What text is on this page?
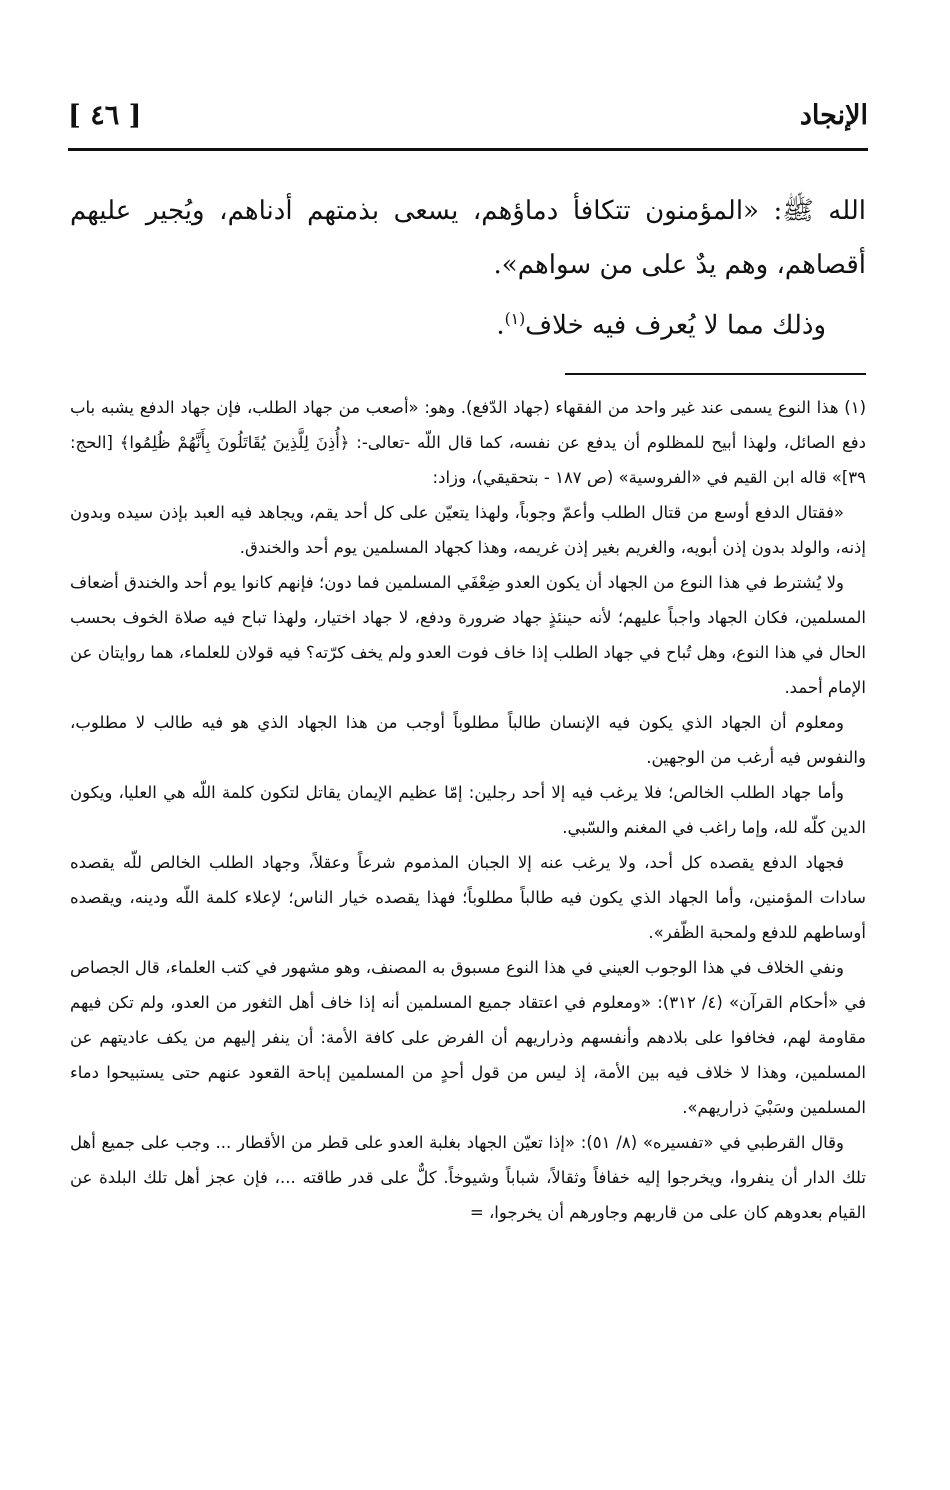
الإنجاد
[ ٤٦ ]

الله ﷺ: «المؤمنون تتكافأ دماؤهم، يسعى بذمتهم أدناهم، ويُجير عليهم أقصاهم، وهم يدٌ على من سواهم».

وذلك مما لا يُعرف فيه خلاف$^{(١)}$.

(١) هذا النوع يسمى عند غير واحد من الفقهاء (جهاد الدّفع). وهو: «أصعب من جهاد الطلب، فإن جهاد الدفع يشبه باب دفع الصائل، ولهذا أبيح للمظلوم أن يدفع عن نفسه، كما قال اللّه -تعالى-: ﴿أُذِنَ لِلَّذِينَ يُقَاتَلُونَ بِأَنَّهُمْ ظُلِمُوا﴾ [الحج: ٣٩]» قاله ابن القيم في «الفروسية» (ص ١٨٧ - بتحقيقي)، وزاد:

«فقتال الدفع أوسع من قتال الطلب وأعمّ وجوباً، ولهذا يتعيّن على كل أحد يقم، ويجاهد فيه العبد بإذن سيده وبدون إذنه، والولد بدون إذن أبويه، والغريم بغير إذن غريمه، وهذا كجهاد المسلمين يوم أحد والخندق.

ولا يُشترط في هذا النوع من الجهاد أن يكون العدو ضِعْفَي المسلمين فما دون؛ فإنهم كانوا يوم أحد والخندق أضعاف المسلمين، فكان الجهاد واجباً عليهم؛ لأنه حينئذٍ جهاد ضرورة ودفع، لا جهاد اختيار، ولهذا تباح فيه صلاة الخوف بحسب الحال في هذا النوع، وهل تُباح في جهاد الطلب إذا خاف فوت العدو ولم يخف كرّته؟ فيه قولان للعلماء، هما روايتان عن الإمام أحمد.

ومعلوم أن الجهاد الذي يكون فيه الإنسان طالباً مطلوباً أوجب من هذا الجهاد الذي هو فيه طالب لا مطلوب، والنفوس فيه أرغب من الوجهين.

وأما جهاد الطلب الخالص؛ فلا يرغب فيه إلا أحد رجلين: إمّا عظيم الإيمان يقاتل لتكون كلمة اللّه هي العليا، ويكون الدين كلّه لله، وإما راغب في المغنم والسّبي.

فجهاد الدفع يقصده كل أحد، ولا يرغب عنه إلا الجبان المذموم شرعاً وعقلاً، وجهاد الطلب الخالص للّه يقصده سادات المؤمنين، وأما الجهاد الذي يكون فيه طالباً مطلوباً؛ فهذا يقصده خيار الناس؛ لإعلاء كلمة اللّه ودينه، ويقصده أوساطهم للدفع ولمحبة الظّفر».

ونفي الخلاف في هذا الوجوب العيني في هذا النوع مسبوق به المصنف، وهو مشهور في كتب العلماء، قال الجصاص في «أحكام القرآن» (٤/ ٣١٢): «ومعلوم في اعتقاد جميع المسلمين أنه إذا خاف أهل الثغور من العدو، ولم تكن فيهم مقاومة لهم، فخافوا على بلادهم وأنفسهم وذراريهم أن الفرض على كافة الأمة: أن ينفر إليهم من يكف عاديتهم عن المسلمين، وهذا لا خلاف فيه بين الأمة، إذ ليس من قول أحدٍ من المسلمين إباحة القعود عنهم حتى يستبيحوا دماء المسلمين وسَبْيَ ذراريهم».

وقال القرطبي في «تفسيره» (٨/ ٥١): «إذا تعيّن الجهاد بغلبة العدو على قطر من الأقطار ... وجب على جميع أهل تلك الدار أن ينفروا، ويخرجوا إليه خفافاً وثقالاً، شباباً وشيوخاً. كلٌّ على قدر طاقته ...، فإن عجز أهل تلك البلدة عن القيام بعدوهم كان على من قاربهم وجاورهم أن يخرجوا، =
